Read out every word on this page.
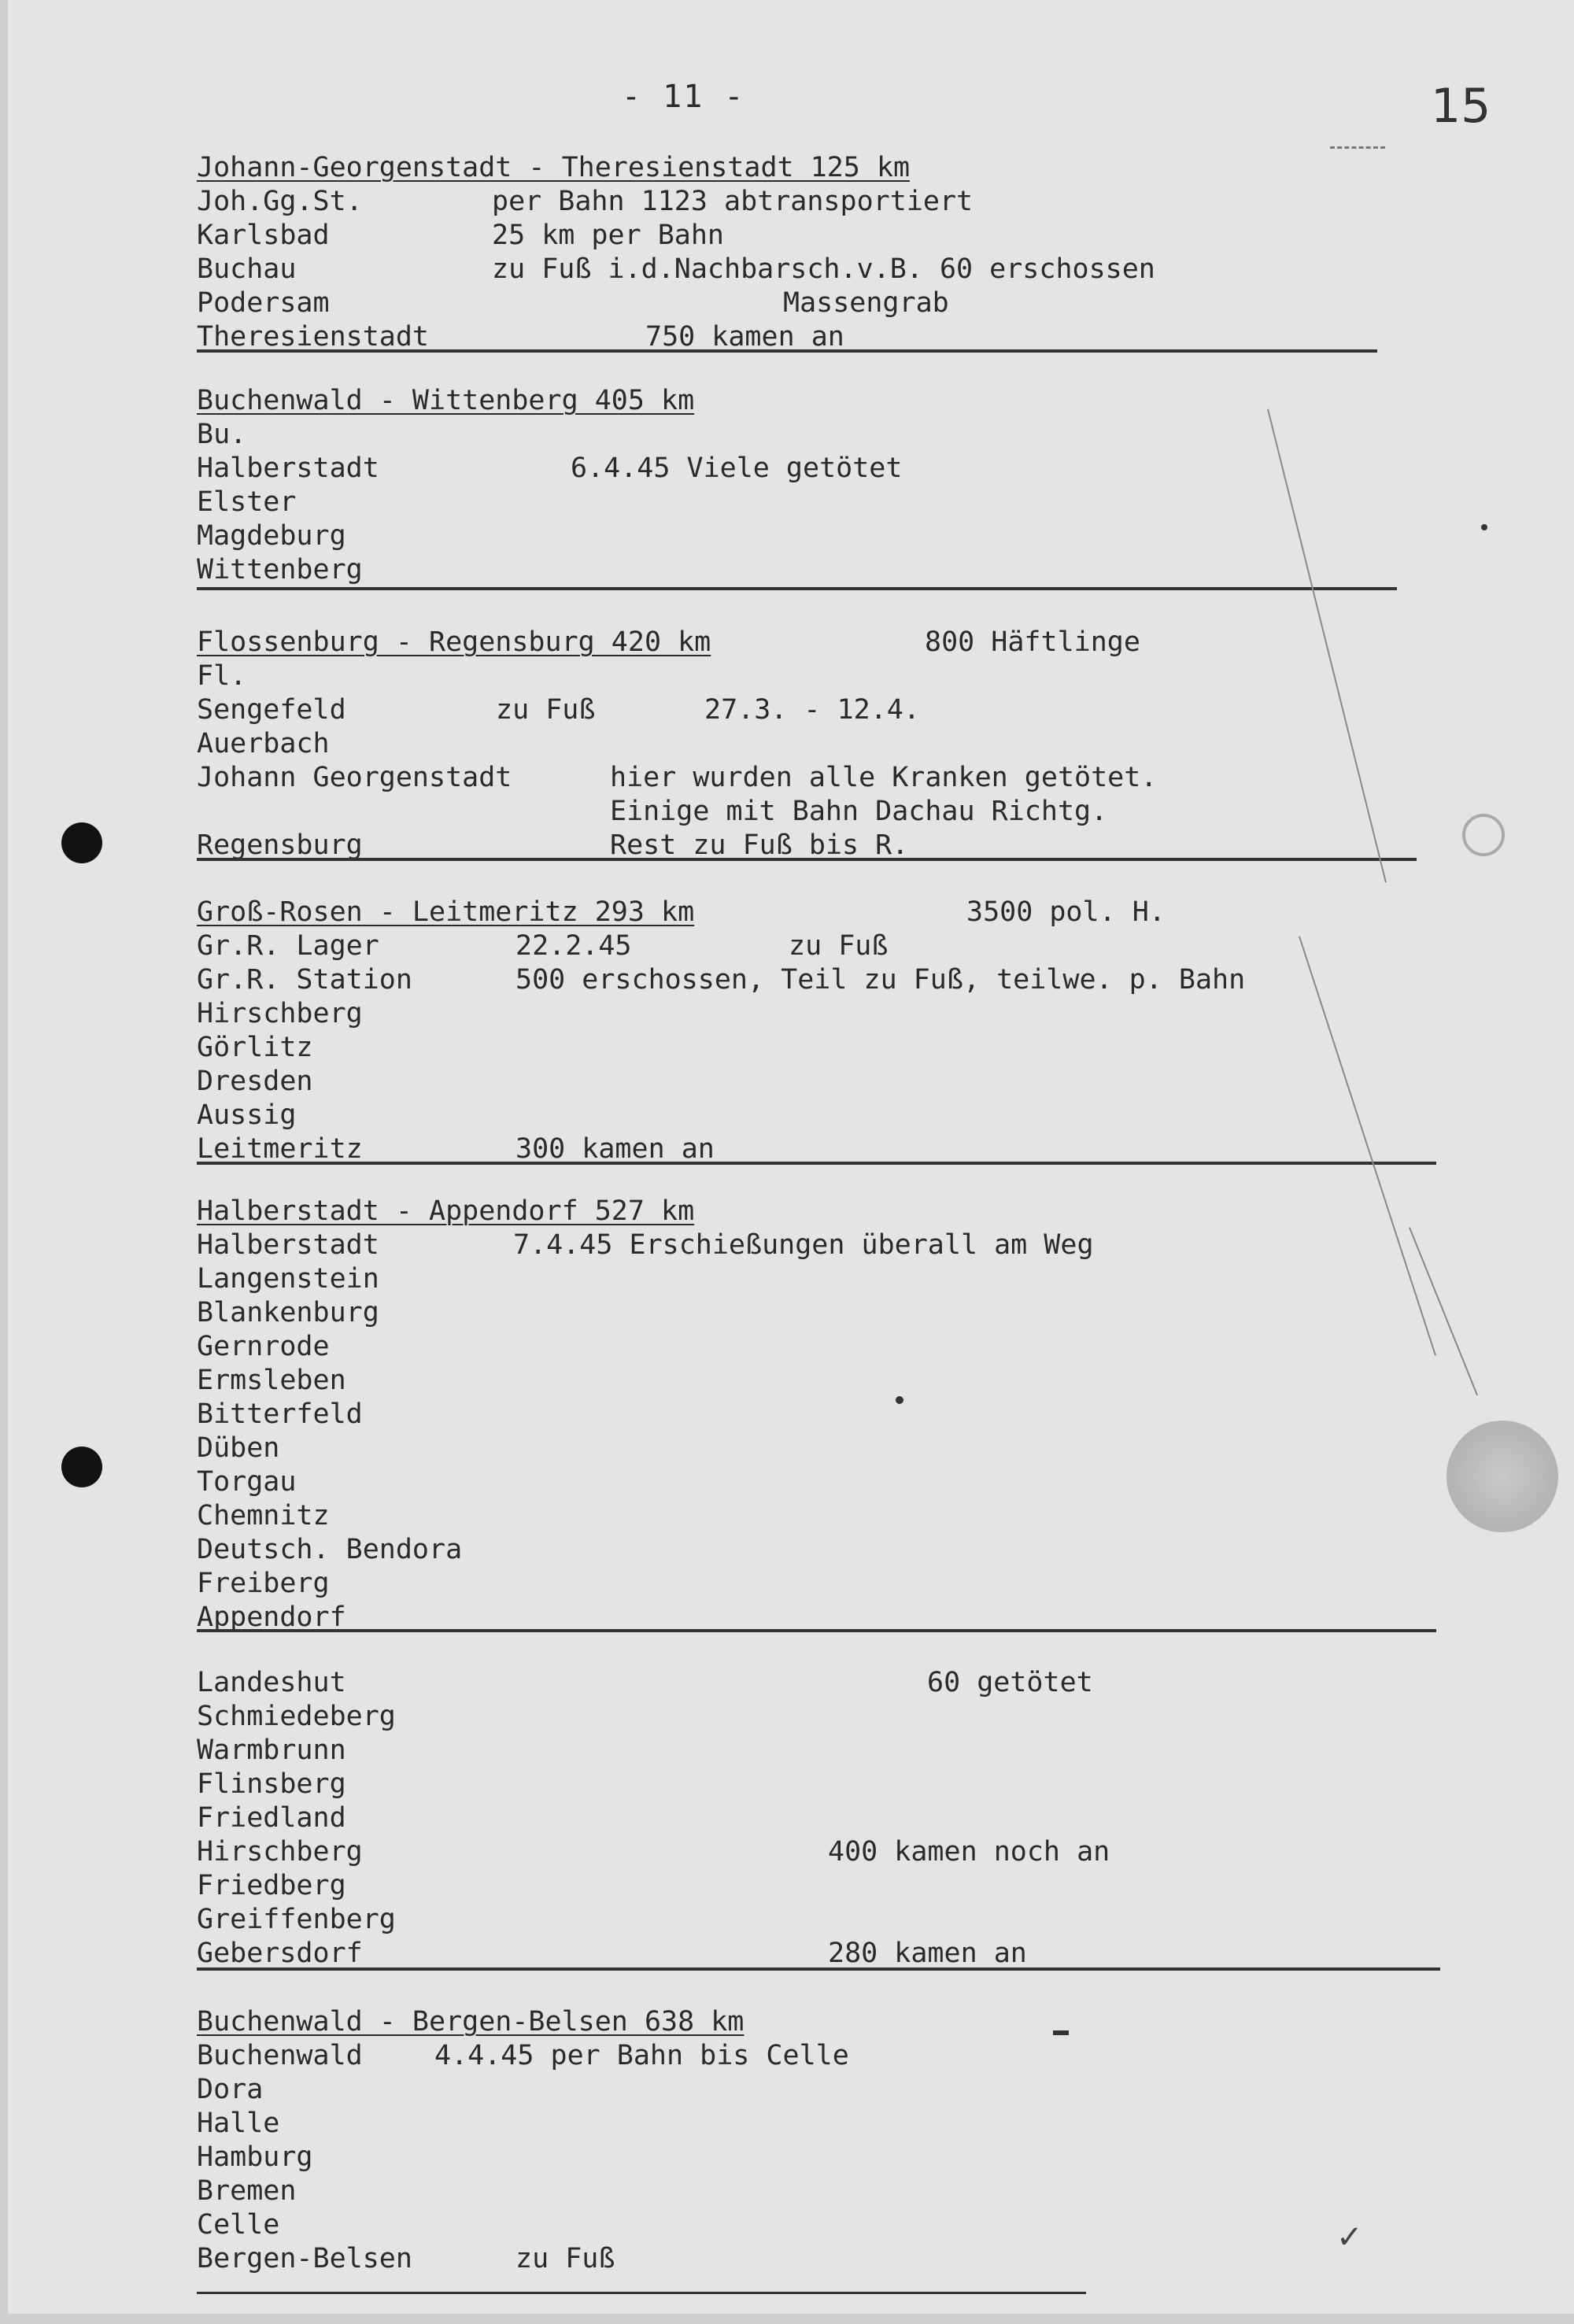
- 11 -	15
Johann-Georgenstadt - Theresienstadt 125 km
Joh.Gg.St.	per Bahn 1123 abtransportiert
Karlsbad	25 km per Bahn
Buchau	zu Fuß i.d.Nachbarsch.v.B. 60 erschossen
Podersam	Massengrab
Theresienstadt	750 kamen an
Buchenwald - Wittenberg 405 km
Bu.
Halberstadt	6.4.45 Viele getötet
Elster
Magdeburg
Wittenberg
Flossenburg - Regensburg 420 km	800 Häftlinge
Fl.
Sengefeld	zu Fuß	27.3. - 12.4.
Auerbach
Johann Georgenstadt	hier wurden alle Kranken getötet.
Einige mit Bahn Dachau Richtg.
Regensburg	Rest zu Fuß bis R.
Groß-Rosen - Leitmeritz 293 km	3500 pol. H.
Gr.R. Lager	22.2.45	zu Fuß
Gr.R. Station	500 erschossen, Teil zu Fuß, teilwe. p. Bahn
Hirschberg
Görlitz
Dresden
Aussig
Leitmeritz	300 kamen an
Halberstadt - Appendorf 527 km
Halberstadt	7.4.45 Erschießungen überall am Weg
Langenstein
Blankenburg
Gernrode
Ermsleben
Bitterfeld
Düben
Torgau
Chemnitz
Deutsch. Bendora
Freiberg
Appendorf
Landeshut	60 getötet
Schmiedeberg
Warmbrunn
Flinsberg
Friedland
Hirschberg	400 kamen noch an
Friedberg
Greiffenberg
Gebersdorf	280 kamen an
Buchenwald - Bergen-Belsen 638 km
Buchenwald	4.4.45 per Bahn bis Celle
Dora
Halle
Hamburg
Bremen
Celle
Bergen-Belsen	zu Fuß
✓
